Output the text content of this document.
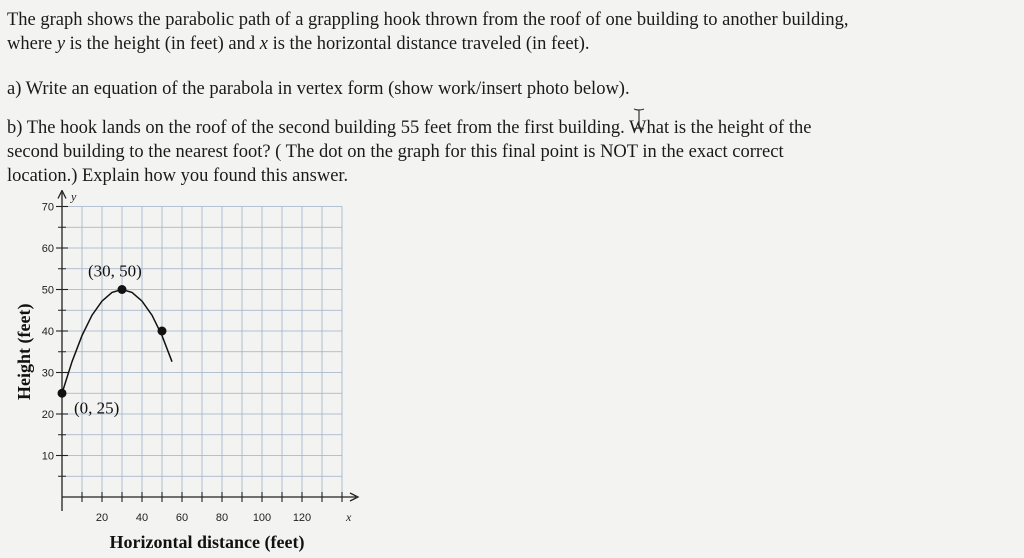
The graph shows the parabolic path of a grappling hook thrown from the roof of one building to another building,
where y is the height (in feet) and x is the horizontal distance traveled (in feet).

a) Write an equation of the parabola in vertex form (show work/insert photo below).

b) The hook lands on the roof of the second building 55 feet from the first building. What is the height of the
second building to the nearest foot? ( The dot on the graph for this final point is NOT in the exact correct
location.) Explain how you found this answer.

10
20
30
40
50
60
70
20	40	60	80 100 120
(0, 25)
(30, 50)
Horizontal distance (feet)
Height (feet)
y
x
